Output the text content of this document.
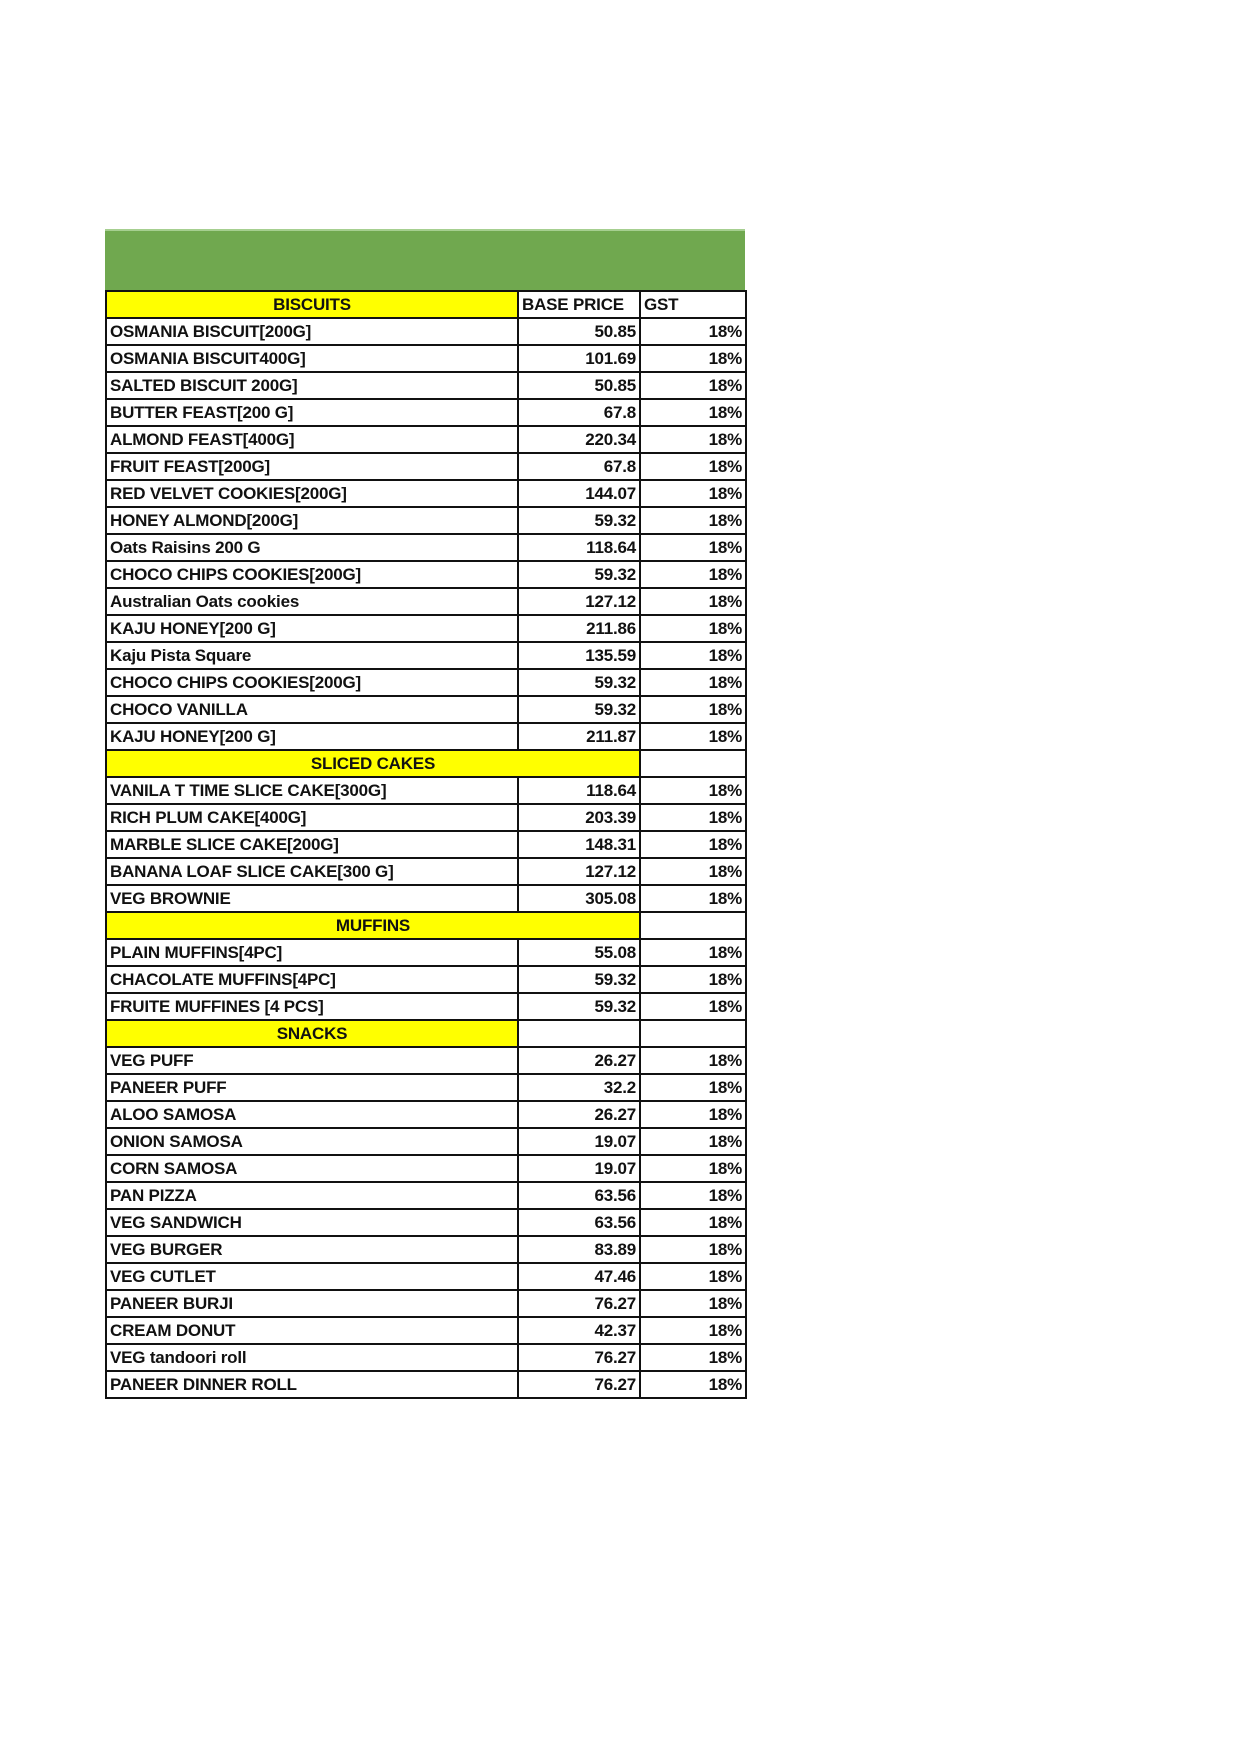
BISCUITS	BASE PRICE	GST
OSMANIA BISCUIT[200G]	50.85	18%
OSMANIA BISCUIT400G]	101.69	18%
SALTED BISCUIT 200G]	50.85	18%
BUTTER FEAST[200 G]	67.8	18%
ALMOND FEAST[400G]	220.34	18%
FRUIT FEAST[200G]	67.8	18%
RED VELVET COOKIES[200G]	144.07	18%
HONEY ALMOND[200G]	59.32	18%
Oats Raisins 200 G	118.64	18%
CHOCO CHIPS COOKIES[200G]	59.32	18%
Australian Oats cookies	127.12	18%
KAJU HONEY[200 G]	211.86	18%
Kaju Pista Square	135.59	18%
CHOCO CHIPS COOKIES[200G]	59.32	18%
CHOCO VANILLA	59.32	18%
KAJU HONEY[200 G]	211.87	18%
SLICED CAKES		
VANILA T TIME SLICE CAKE[300G]	118.64	18%
RICH PLUM CAKE[400G]	203.39	18%
MARBLE SLICE CAKE[200G]	148.31	18%
BANANA LOAF SLICE CAKE[300 G]	127.12	18%
VEG BROWNIE	305.08	18%
MUFFINS		
PLAIN MUFFINS[4PC]	55.08	18%
CHACOLATE MUFFINS[4PC]	59.32	18%
FRUITE MUFFINES [4 PCS]	59.32	18%
SNACKS		
VEG PUFF	26.27	18%
PANEER PUFF	32.2	18%
ALOO SAMOSA	26.27	18%
ONION SAMOSA	19.07	18%
CORN SAMOSA	19.07	18%
PAN PIZZA	63.56	18%
VEG SANDWICH	63.56	18%
VEG BURGER	83.89	18%
VEG CUTLET	47.46	18%
PANEER BURJI	76.27	18%
CREAM DONUT	42.37	18%
VEG tandoori roll	76.27	18%
PANEER DINNER ROLL	76.27	18%
